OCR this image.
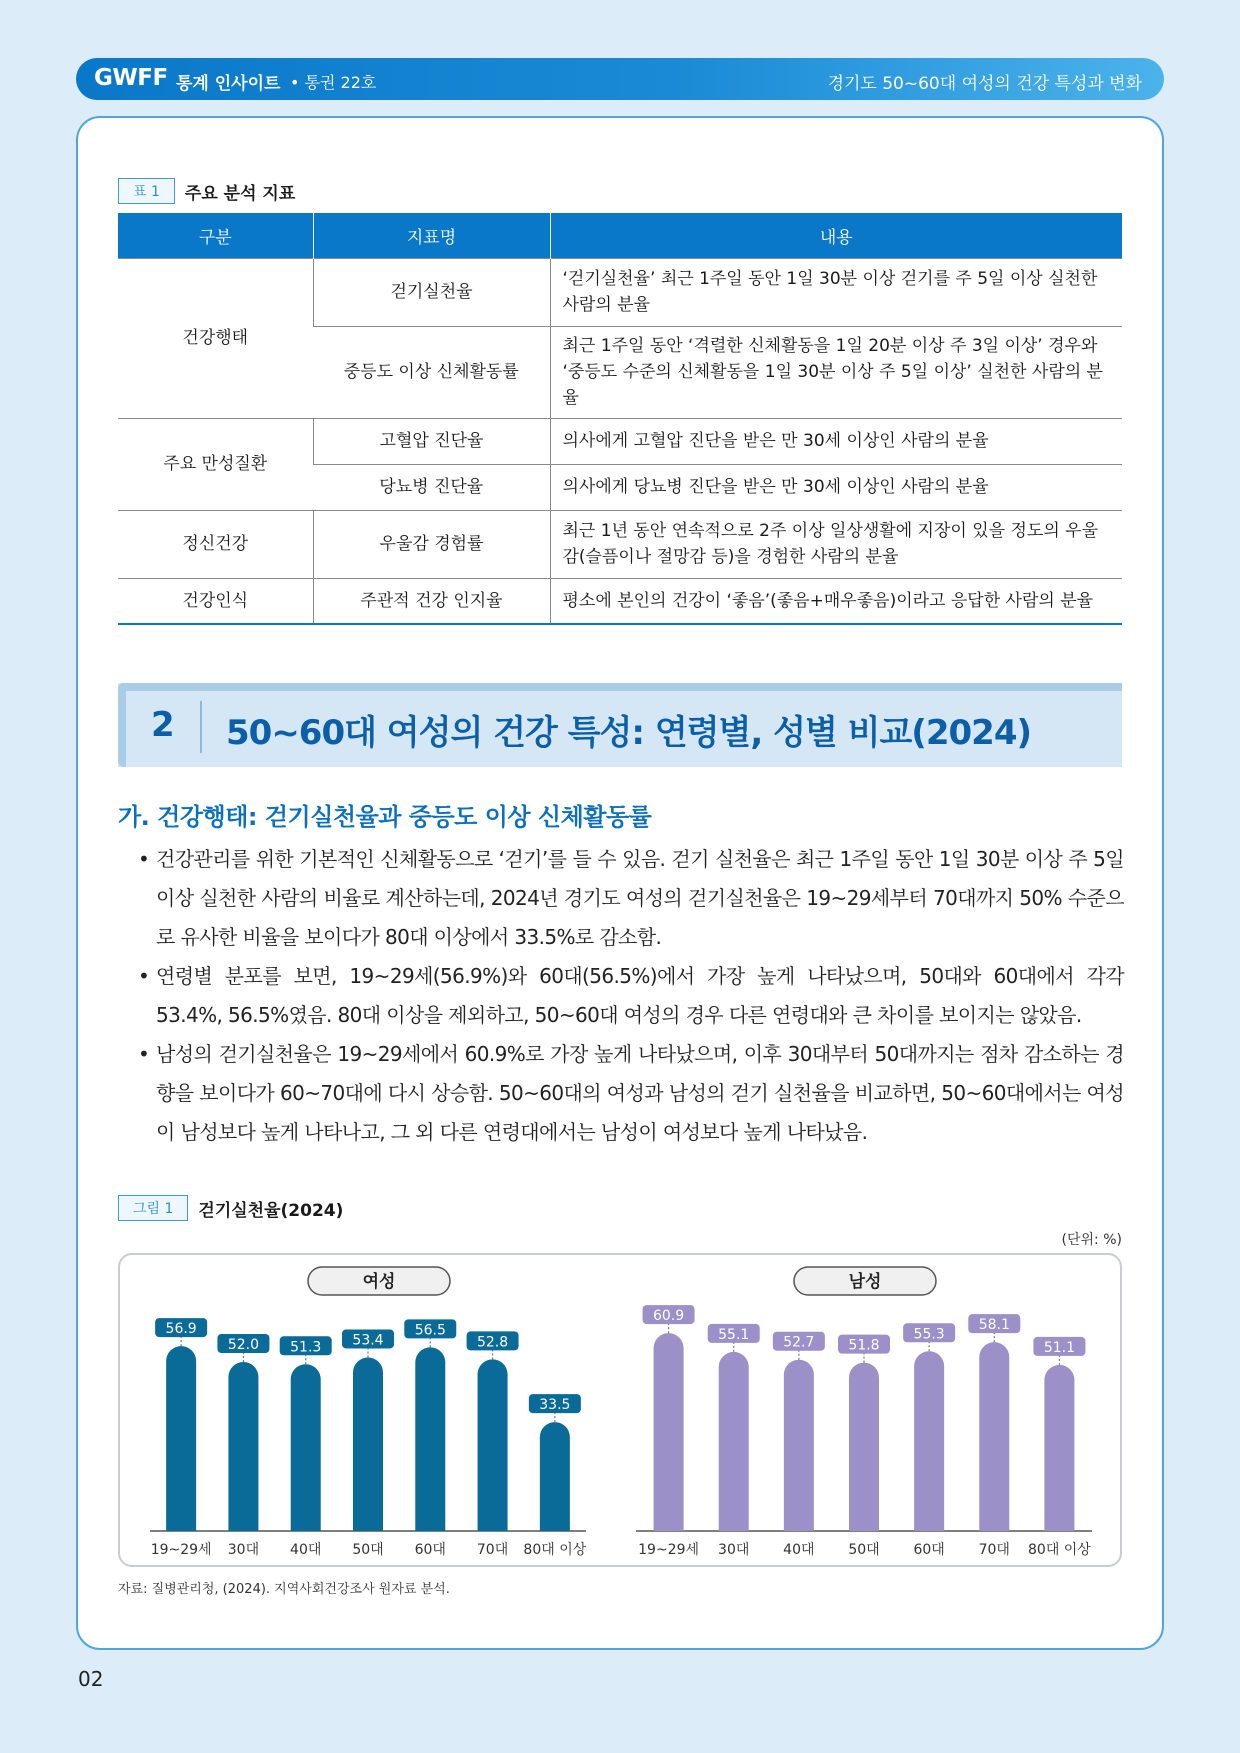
GWFF 통계 인사이트 • 통권 22호	경기도 50~60대 여성의 건강 특성과 변화
표 1	주요 분석 지표
구분	지표명	내용
건강행태	걷기실천율	‘걷기실천율’ 최근 1주일 동안 1일 30분 이상 걷기를 주 5일 이상 실천한 사람의 분율
	중등도 이상 신체활동률	최근 1주일 동안 ‘격렬한 신체활동을 1일 20분 이상 주 3일 이상’ 경우와 ‘중등도 수준의 신체활동을 1일 30분 이상 주 5일 이상’ 실천한 사람의 분율
주요 만성질환	고혈압 진단율	의사에게 고혈압 진단을 받은 만 30세 이상인 사람의 분율
	당뇨병 진단율	의사에게 당뇨병 진단을 받은 만 30세 이상인 사람의 분율
정신건강	우울감 경험률	최근 1년 동안 연속적으로 2주 이상 일상생활에 지장이 있을 정도의 우울감(슬픔이나 절망감 등)을 경험한 사람의 분율
건강인식	주관적 건강 인지율	평소에 본인의 건강이 ‘좋음’(좋음+매우좋음)이라고 응답한 사람의 분율
2 50~60대 여성의 건강 특성: 연령별, 성별 비교(2024)
가. 건강행태: 걷기실천율과 중등도 이상 신체활동률
• 건강관리를 위한 기본적인 신체활동으로 ‘걷기’를 들 수 있음. 걷기 실천율은 최근 1주일 동안 1일 30분 이상 주 5일 이상 실천한 사람의 비율로 계산하는데, 2024년 경기도 여성의 걷기실천율은 19~29세부터 70대까지 50% 수준으로 유사한 비율을 보이다가 80대 이상에서 33.5%로 감소함.
• 연령별 분포를 보면, 19~29세(56.9%)와 60대(56.5%)에서 가장 높게 나타났으며, 50대와 60대에서 각각 53.4%, 56.5%였음. 80대 이상을 제외하고, 50~60대 여성의 경우 다른 연령대와 큰 차이를 보이지는 않았음.
• 남성의 걷기실천율은 19~29세에서 60.9%로 가장 높게 나타났으며, 이후 30대부터 50대까지는 점차 감소하는 경향을 보이다가 60~70대에 다시 상승함. 50~60대의 여성과 남성의 걷기 실천율을 비교하면, 50~60대에서는 여성이 남성보다 높게 나타나고, 그 외 다른 연령대에서는 남성이 여성보다 높게 나타났음.
그림 1	걷기실천율(2024)
(단위: %)
여성
56.9
19~29세
52.0
30대
51.3
40대
53.4
50대
56.5
60대
52.8
70대
33.5
80대 이상
남성
60.9
19~29세
55.1
30대
52.7
40대
51.8
50대
55.3
60대
58.1
70대
51.1
80대 이상
자료: 질병관리청, (2024). 지역사회건강조사 원자료 분석.
02
